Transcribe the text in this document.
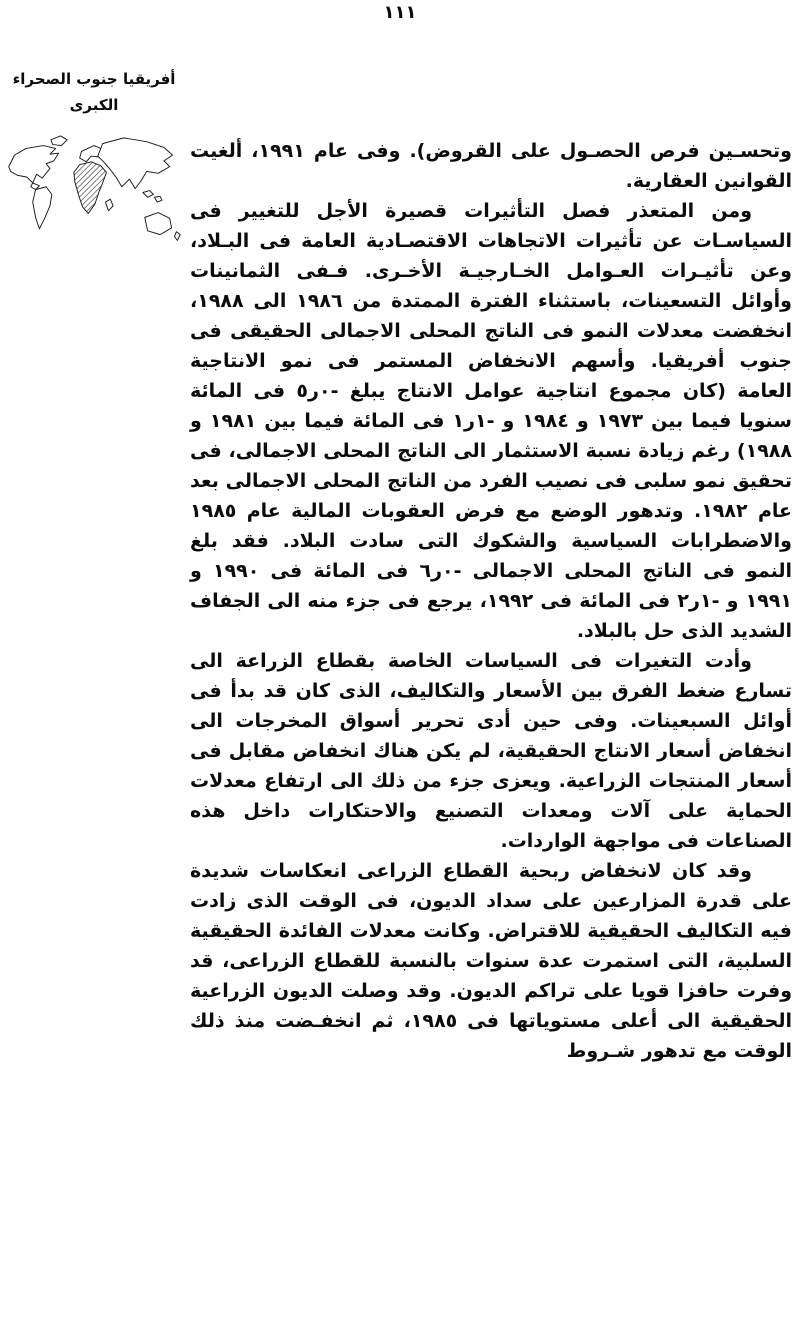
١١١
أفريقيا جنوب الصحراء
الكبرى

وتحسـين فرص الحصـول على القروض). وفى عام ١٩٩١، ألغيت القوانين العقارية.

ومن المتعذر فصل التأثيرات قصيرة الأجل للتغيير فى السياسـات عن تأثيرات الاتجاهات الاقتصـادية العامة فى البـلاد، وعن تأثيـرات العـوامل الخـارجيـة الأخـرى. فـفى الثمانينات وأوائل التسعينات، باستثناء الفترة الممتدة من ١٩٨٦ الى ١٩٨٨، انخفضت معدلات النمو فى الناتج المحلى الاجمالى الحقيقى فى جنوب أفريقيا. وأسهم الانخفاض المستمر فى نمو الانتاجية العامة (كان مجموع انتاجية عوامل الانتاج يبلغ -٠ر٥ فى المائة سنويا فيما بين ١٩٧٣ و ١٩٨٤ و -١ر١ فى المائة فيما بين ١٩٨١ و ١٩٨٨) رغم زيادة نسبة الاستثمار الى الناتج المحلى الاجمالى، فى تحقيق نمو سلبى فى نصيب الفرد من الناتج المحلى الاجمالى بعد عام ١٩٨٢. وتدهور الوضع مع فرض العقوبات المالية عام ١٩٨٥ والاضطرابات السياسية والشكوك التى سادت البلاد. فقد بلغ النمو فى الناتج المحلى الاجمالى -٠ر٦ فى المائة فى ١٩٩٠ و ١٩٩١ و -١ر٢ فى المائة فى ١٩٩٢، يرجع فى جزء منه الى الجفاف الشديد الذى حل بالبلاد.

وأدت التغيرات فى السياسات الخاصة بقطاع الزراعة الى تسارع ضغط الفرق بين الأسعار والتكاليف، الذى كان قد بدأ فى أوائل السبعينات. وفى حين أدى تحرير أسواق المخرجات الى انخفاض أسعار الانتاج الحقيقية، لم يكن هناك انخفاض مقابل فى أسعار المنتجات الزراعية. ويعزى جزء من ذلك الى ارتفاع معدلات الحماية على آلات ومعدات التصنيع والاحتكارات داخل هذه الصناعات فى مواجهة الواردات.

وقد كان لانخفاض ربحية القطاع الزراعى انعكاسات شديدة على قدرة المزارعين على سداد الديون، فى الوقت الذى زادت فيه التكاليف الحقيقية للاقتراض. وكانت معدلات الفائدة الحقيقية السلبية، التى استمرت عدة سنوات بالنسبة للقطاع الزراعى، قد وفرت حافزا قويا على تراكم الديون. وقد وصلت الديون الزراعية الحقيقية الى أعلى مستوياتها فى ١٩٨٥، ثم انخفـضت منذ ذلك الوقت مع تدهور شـروط
